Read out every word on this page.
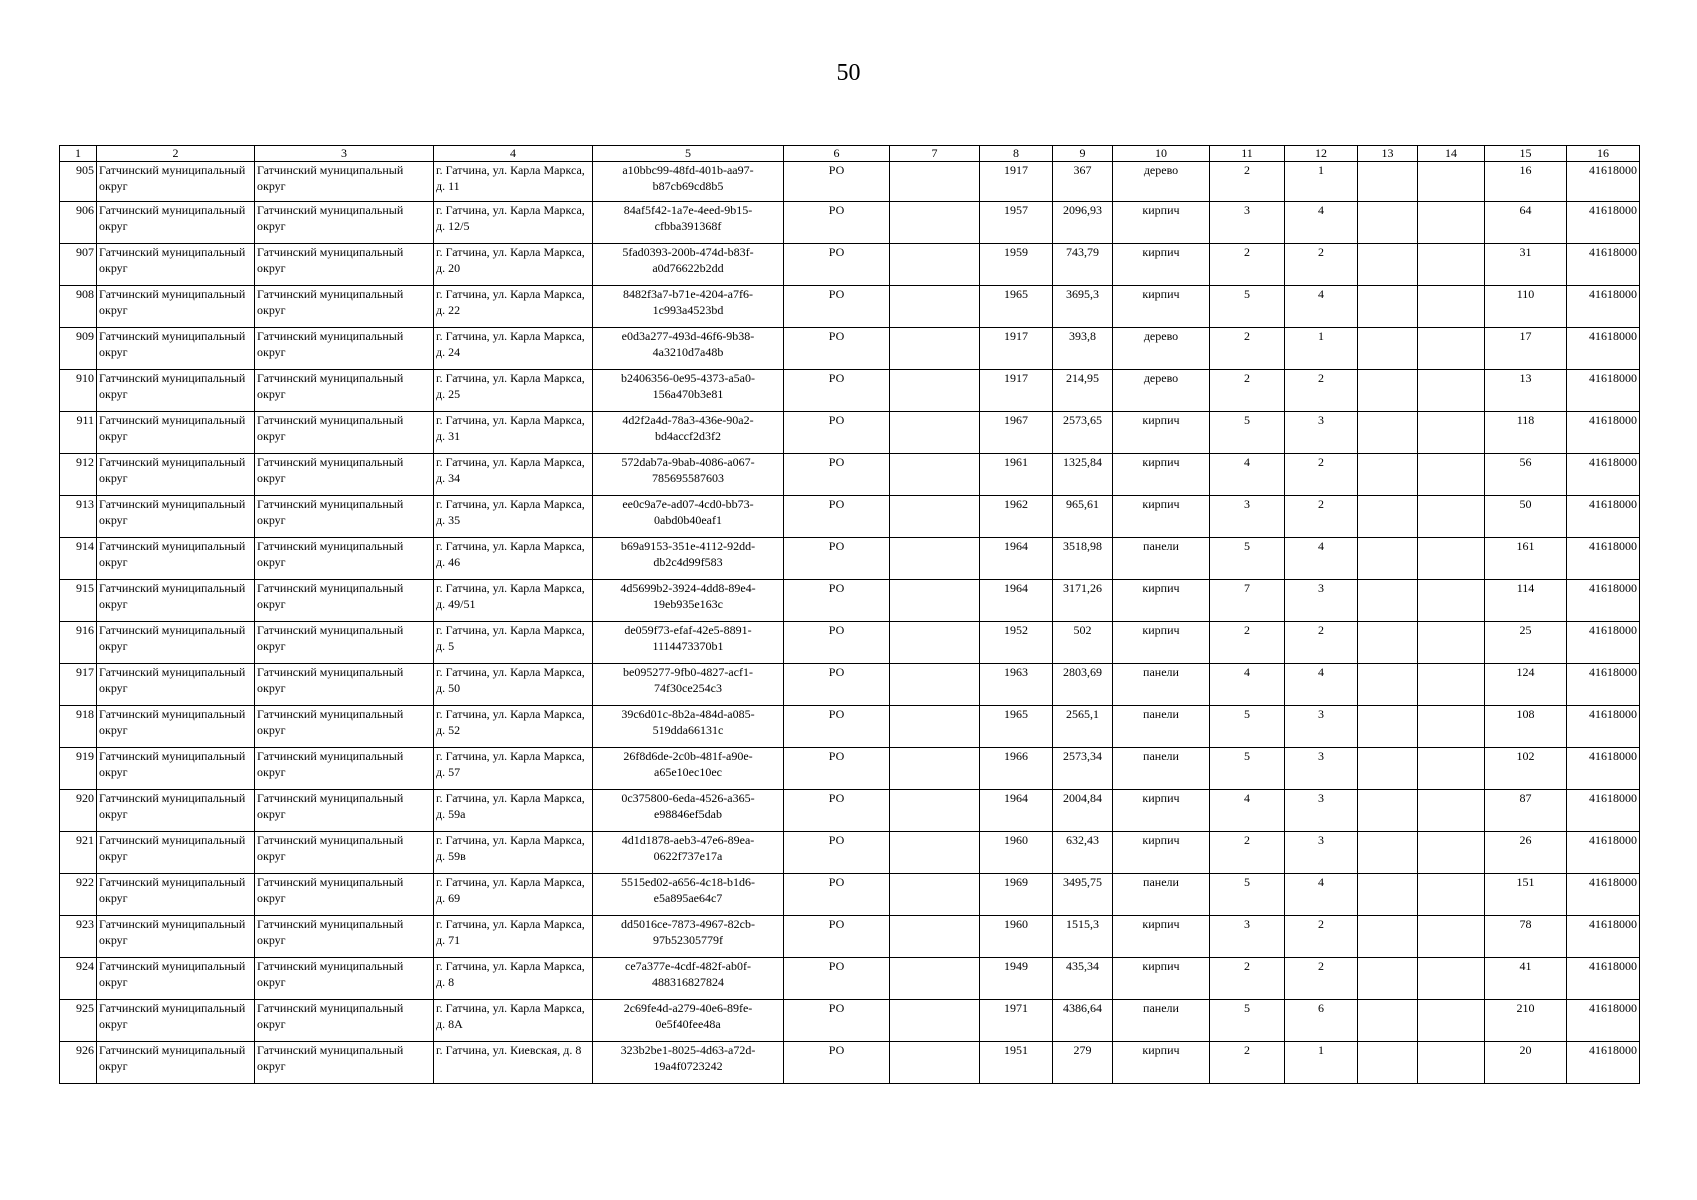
50
1	2	3	4	5	6	7	8	9	10	11	12	13	14	15	16
905	Гатчинский муниципальный округ	Гатчинский муниципальный округ	г. Гатчина, ул. Карла Маркса, д. 11	a10bbc99-48fd-401b-aa97-b87cb69cd8b5	РО		1917	367	дерево	2	1			16	41618000
906	Гатчинский муниципальный округ	Гатчинский муниципальный округ	г. Гатчина, ул. Карла Маркса, д. 12/5	84af5f42-1a7e-4eed-9b15-cfbba391368f	РО		1957	2096,93	кирпич	3	4			64	41618000
907	Гатчинский муниципальный округ	Гатчинский муниципальный округ	г. Гатчина, ул. Карла Маркса, д. 20	5fad0393-200b-474d-b83f-a0d76622b2dd	РО		1959	743,79	кирпич	2	2			31	41618000
908	Гатчинский муниципальный округ	Гатчинский муниципальный округ	г. Гатчина, ул. Карла Маркса, д. 22	8482f3a7-b71e-4204-a7f6-1c993a4523bd	РО		1965	3695,3	кирпич	5	4			110	41618000
909	Гатчинский муниципальный округ	Гатчинский муниципальный округ	г. Гатчина, ул. Карла Маркса, д. 24	e0d3a277-493d-46f6-9b38-4a3210d7a48b	РО		1917	393,8	дерево	2	1			17	41618000
910	Гатчинский муниципальный округ	Гатчинский муниципальный округ	г. Гатчина, ул. Карла Маркса, д. 25	b2406356-0e95-4373-a5a0-156a470b3e81	РО		1917	214,95	дерево	2	2			13	41618000
911	Гатчинский муниципальный округ	Гатчинский муниципальный округ	г. Гатчина, ул. Карла Маркса, д. 31	4d2f2a4d-78a3-436e-90a2-bd4accf2d3f2	РО		1967	2573,65	кирпич	5	3			118	41618000
912	Гатчинский муниципальный округ	Гатчинский муниципальный округ	г. Гатчина, ул. Карла Маркса, д. 34	572dab7a-9bab-4086-a067-785695587603	РО		1961	1325,84	кирпич	4	2			56	41618000
913	Гатчинский муниципальный округ	Гатчинский муниципальный округ	г. Гатчина, ул. Карла Маркса, д. 35	ee0c9a7e-ad07-4cd0-bb73-0abd0b40eaf1	РО		1962	965,61	кирпич	3	2			50	41618000
914	Гатчинский муниципальный округ	Гатчинский муниципальный округ	г. Гатчина, ул. Карла Маркса, д. 46	b69a9153-351e-4112-92dd-db2c4d99f583	РО		1964	3518,98	панели	5	4			161	41618000
915	Гатчинский муниципальный округ	Гатчинский муниципальный округ	г. Гатчина, ул. Карла Маркса, д. 49/51	4d5699b2-3924-4dd8-89e4-19eb935e163c	РО		1964	3171,26	кирпич	7	3			114	41618000
916	Гатчинский муниципальный округ	Гатчинский муниципальный округ	г. Гатчина, ул. Карла Маркса, д. 5	de059f73-efaf-42e5-8891-1114473370b1	РО		1952	502	кирпич	2	2			25	41618000
917	Гатчинский муниципальный округ	Гатчинский муниципальный округ	г. Гатчина, ул. Карла Маркса, д. 50	be095277-9fb0-4827-acf1-74f30ce254c3	РО		1963	2803,69	панели	4	4			124	41618000
918	Гатчинский муниципальный округ	Гатчинский муниципальный округ	г. Гатчина, ул. Карла Маркса, д. 52	39c6d01c-8b2a-484d-a085-519dda66131c	РО		1965	2565,1	панели	5	3			108	41618000
919	Гатчинский муниципальный округ	Гатчинский муниципальный округ	г. Гатчина, ул. Карла Маркса, д. 57	26f8d6de-2c0b-481f-a90e-a65e10ec10ec	РО		1966	2573,34	панели	5	3			102	41618000
920	Гатчинский муниципальный округ	Гатчинский муниципальный округ	г. Гатчина, ул. Карла Маркса, д. 59а	0c375800-6eda-4526-a365-e98846ef5dab	РО		1964	2004,84	кирпич	4	3			87	41618000
921	Гатчинский муниципальный округ	Гатчинский муниципальный округ	г. Гатчина, ул. Карла Маркса, д. 59в	4d1d1878-aeb3-47e6-89ea-0622f737e17a	РО		1960	632,43	кирпич	2	3			26	41618000
922	Гатчинский муниципальный округ	Гатчинский муниципальный округ	г. Гатчина, ул. Карла Маркса, д. 69	5515ed02-a656-4c18-b1d6-e5a895ae64c7	РО		1969	3495,75	панели	5	4			151	41618000
923	Гатчинский муниципальный округ	Гатчинский муниципальный округ	г. Гатчина, ул. Карла Маркса, д. 71	dd5016ce-7873-4967-82cb-97b52305779f	РО		1960	1515,3	кирпич	3	2			78	41618000
924	Гатчинский муниципальный округ	Гатчинский муниципальный округ	г. Гатчина, ул. Карла Маркса, д. 8	ce7a377e-4cdf-482f-ab0f-488316827824	РО		1949	435,34	кирпич	2	2			41	41618000
925	Гатчинский муниципальный округ	Гатчинский муниципальный округ	г. Гатчина, ул. Карла Маркса, д. 8А	2c69fe4d-a279-40e6-89fe-0e5f40fee48a	РО		1971	4386,64	панели	5	6			210	41618000
926	Гатчинский муниципальный округ	Гатчинский муниципальный округ	г. Гатчина, ул. Киевская, д. 8	323b2be1-8025-4d63-a72d-19a4f0723242	РО		1951	279	кирпич	2	1			20	41618000
